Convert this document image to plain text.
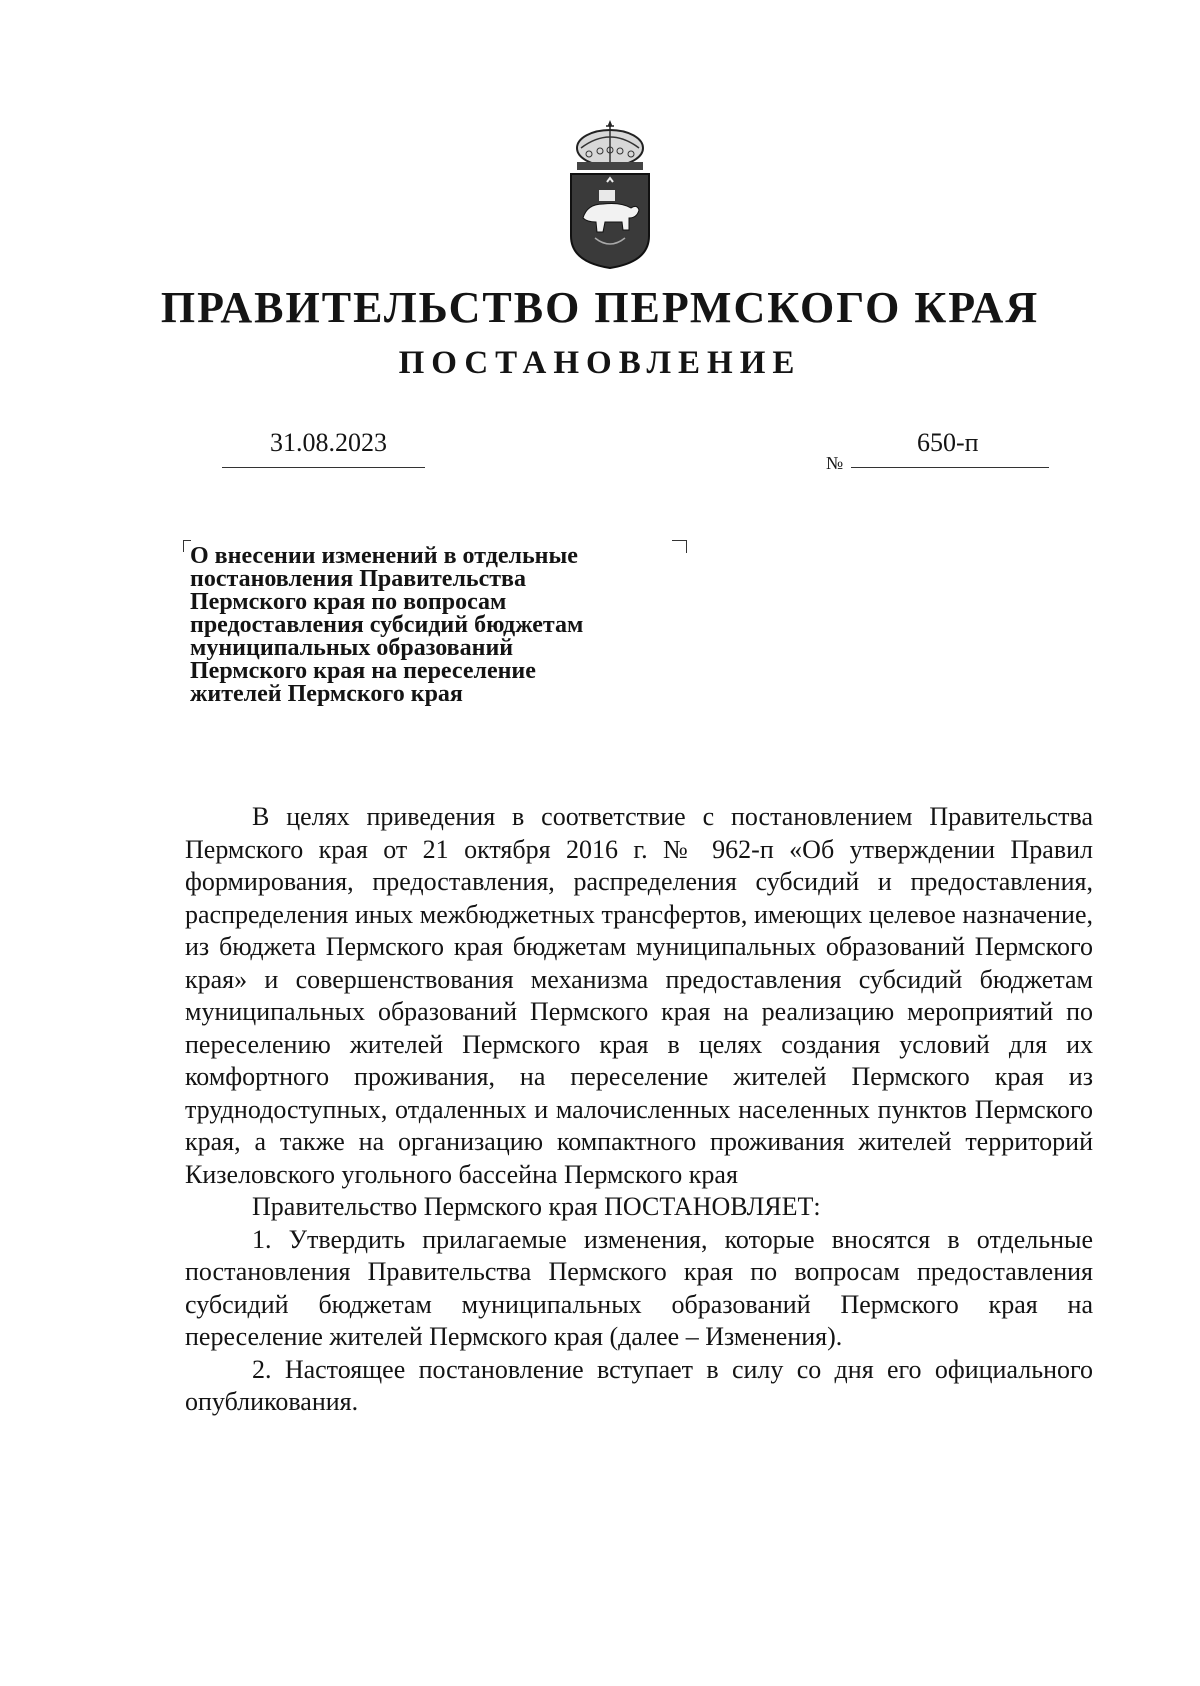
ПРАВИТЕЛЬСТВО ПЕРМСКОГО КРАЯ
ПОСТАНОВЛЕНИЕ
31.08.2023
№
650-п
О внесении изменений в отдельные
постановления Правительства
Пермского края по вопросам
предоставления субсидий бюджетам
муниципальных образований
Пермского края на переселение
жителей Пермского края

В целях приведения в соответствие с постановлением Правительства Пермского края от 21 октября 2016 г. № 962-п «Об утверждении Правил формирования, предоставления, распределения субсидий и предоставления, распределения иных межбюджетных трансфертов, имеющих целевое назначение, из бюджета Пермского края бюджетам муниципальных образований Пермского края» и совершенствования механизма предоставления субсидий бюджетам муниципальных образований Пермского края на реализацию мероприятий по переселению жителей Пермского края в целях создания условий для их комфортного проживания, на переселение жителей Пермского края из труднодоступных, отдаленных и малочисленных населенных пунктов Пермского края, а также на организацию компактного проживания жителей территорий Кизеловского угольного бассейна Пермского края

Правительство Пермского края ПОСТАНОВЛЯЕТ:

1. Утвердить прилагаемые изменения, которые вносятся в отдельные постановления Правительства Пермского края по вопросам предоставления субсидий бюджетам муниципальных образований Пермского края на переселение жителей Пермского края (далее – Изменения).

2. Настоящее постановление вступает в силу со дня его официального опубликования.
